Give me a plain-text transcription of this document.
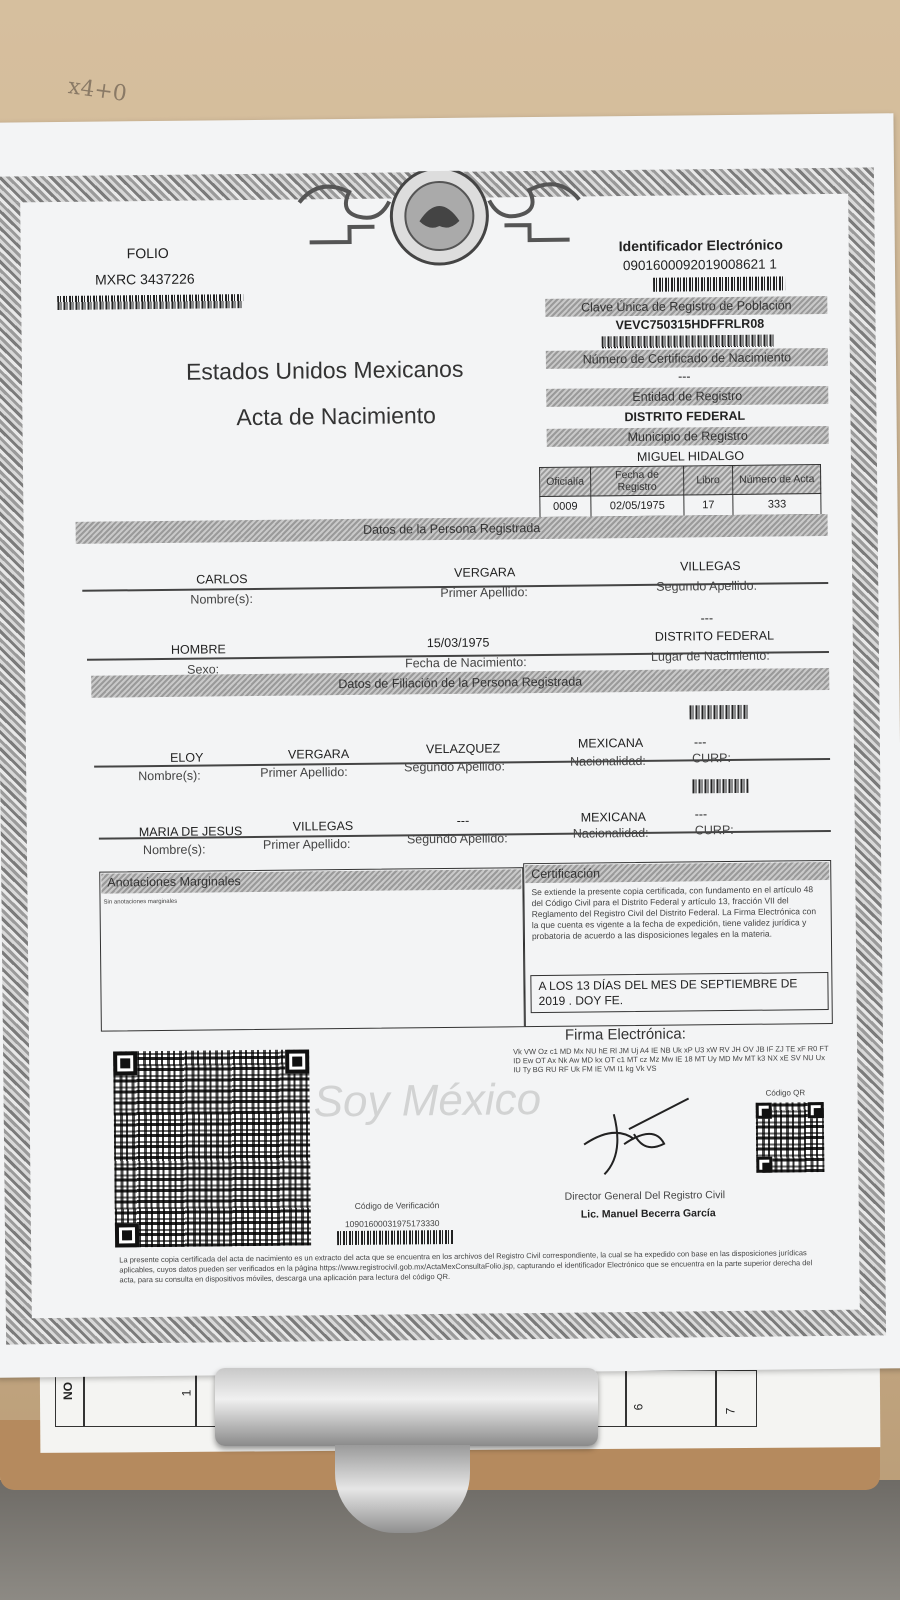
x4+0
NO	1
6
7
FOLIO
MXRC 3437226
Identificador Electrónico
0901600092019008621 1
Clave Única de Registro de Población
VEVC750315HDFFRLR08
Estados Unidos Mexicanos
Acta de Nacimiento
Número de Certificado de Nacimiento
---
Entidad de Registro
DISTRITO FEDERAL
Municipio de Registro
MIGUEL HIDALGO
Oficialía	Fecha de Registro	Libro	Número de Acta
0009	02/05/1975	17	333
Datos de la Persona Registrada
CARLOS	VERGARA	VILLEGAS
Nombre(s):	Primer Apellido:	Segundo Apellido:
---
HOMBRE	15/03/1975	DISTRITO FEDERAL
Sexo:	Fecha de Nacimiento:	Lugar de Nacimiento:
Datos de Filiación de la Persona Registrada
ELOY	VERGARA	VELAZQUEZ	MEXICANA	---
Nombre(s):	Primer Apellido:	Segundo Apellido:	Nacionalidad:	CURP:
MARIA DE JESUS	VILLEGAS	---	MEXICANA	---
Nombre(s):	Primer Apellido:	Segundo Apellido:	Nacionalidad:	CURP:
Anotaciones Marginales
Sin anotaciones marginales
Certificación
Se extiende la presente copia certificada, con fundamento en el artículo 48 del Código Civil para el Distrito Federal y artículo 13, fracción VII del Reglamento del Registro Civil del Distrito Federal. La Firma Electrónica con la que cuenta es vigente a la fecha de expedición, tiene validez jurídica y probatoria de acuerdo a las disposiciones legales en la materia.
A LOS 13 DÍAS DEL MES DE SEPTIEMBRE DE 2019 . DOY FE.
Firma Electrónica:
Vk VW Oz c1 MD Mx NU hE Rl JM Uj A4 IE NB Uk xP U3 xW RV JH OV JB IF ZJ TE xF R0 FT ID Ew OT Ax Nk Aw MD kx OT c1 MT cz Mz Mw IE 18 MT Uy MD Mv MT k3 NX xE SV NU Ux IU Ty BG RU RF Uk FM IE VM I1 kg Vk VS
Soy México	Código QR
Director General Del Registro Civil
Lic. Manuel Becerra García
Código de Verificación
109016000319751733​30
La presente copia certificada del acta de nacimiento es un extracto del acta que se encuentra en los archivos del Registro Civil correspondiente, la cual se ha expedido con base en las disposiciones jurídicas aplicables, cuyos datos pueden ser verificados en la página https://www.registrocivil.gob.mx/ActaMexConsultaFolio.jsp, capturando el identificador Electrónico que se encuentra en la parte superior derecha del acta, para su consulta en dispositivos móviles, descarga una aplicación para lectura del código QR.
